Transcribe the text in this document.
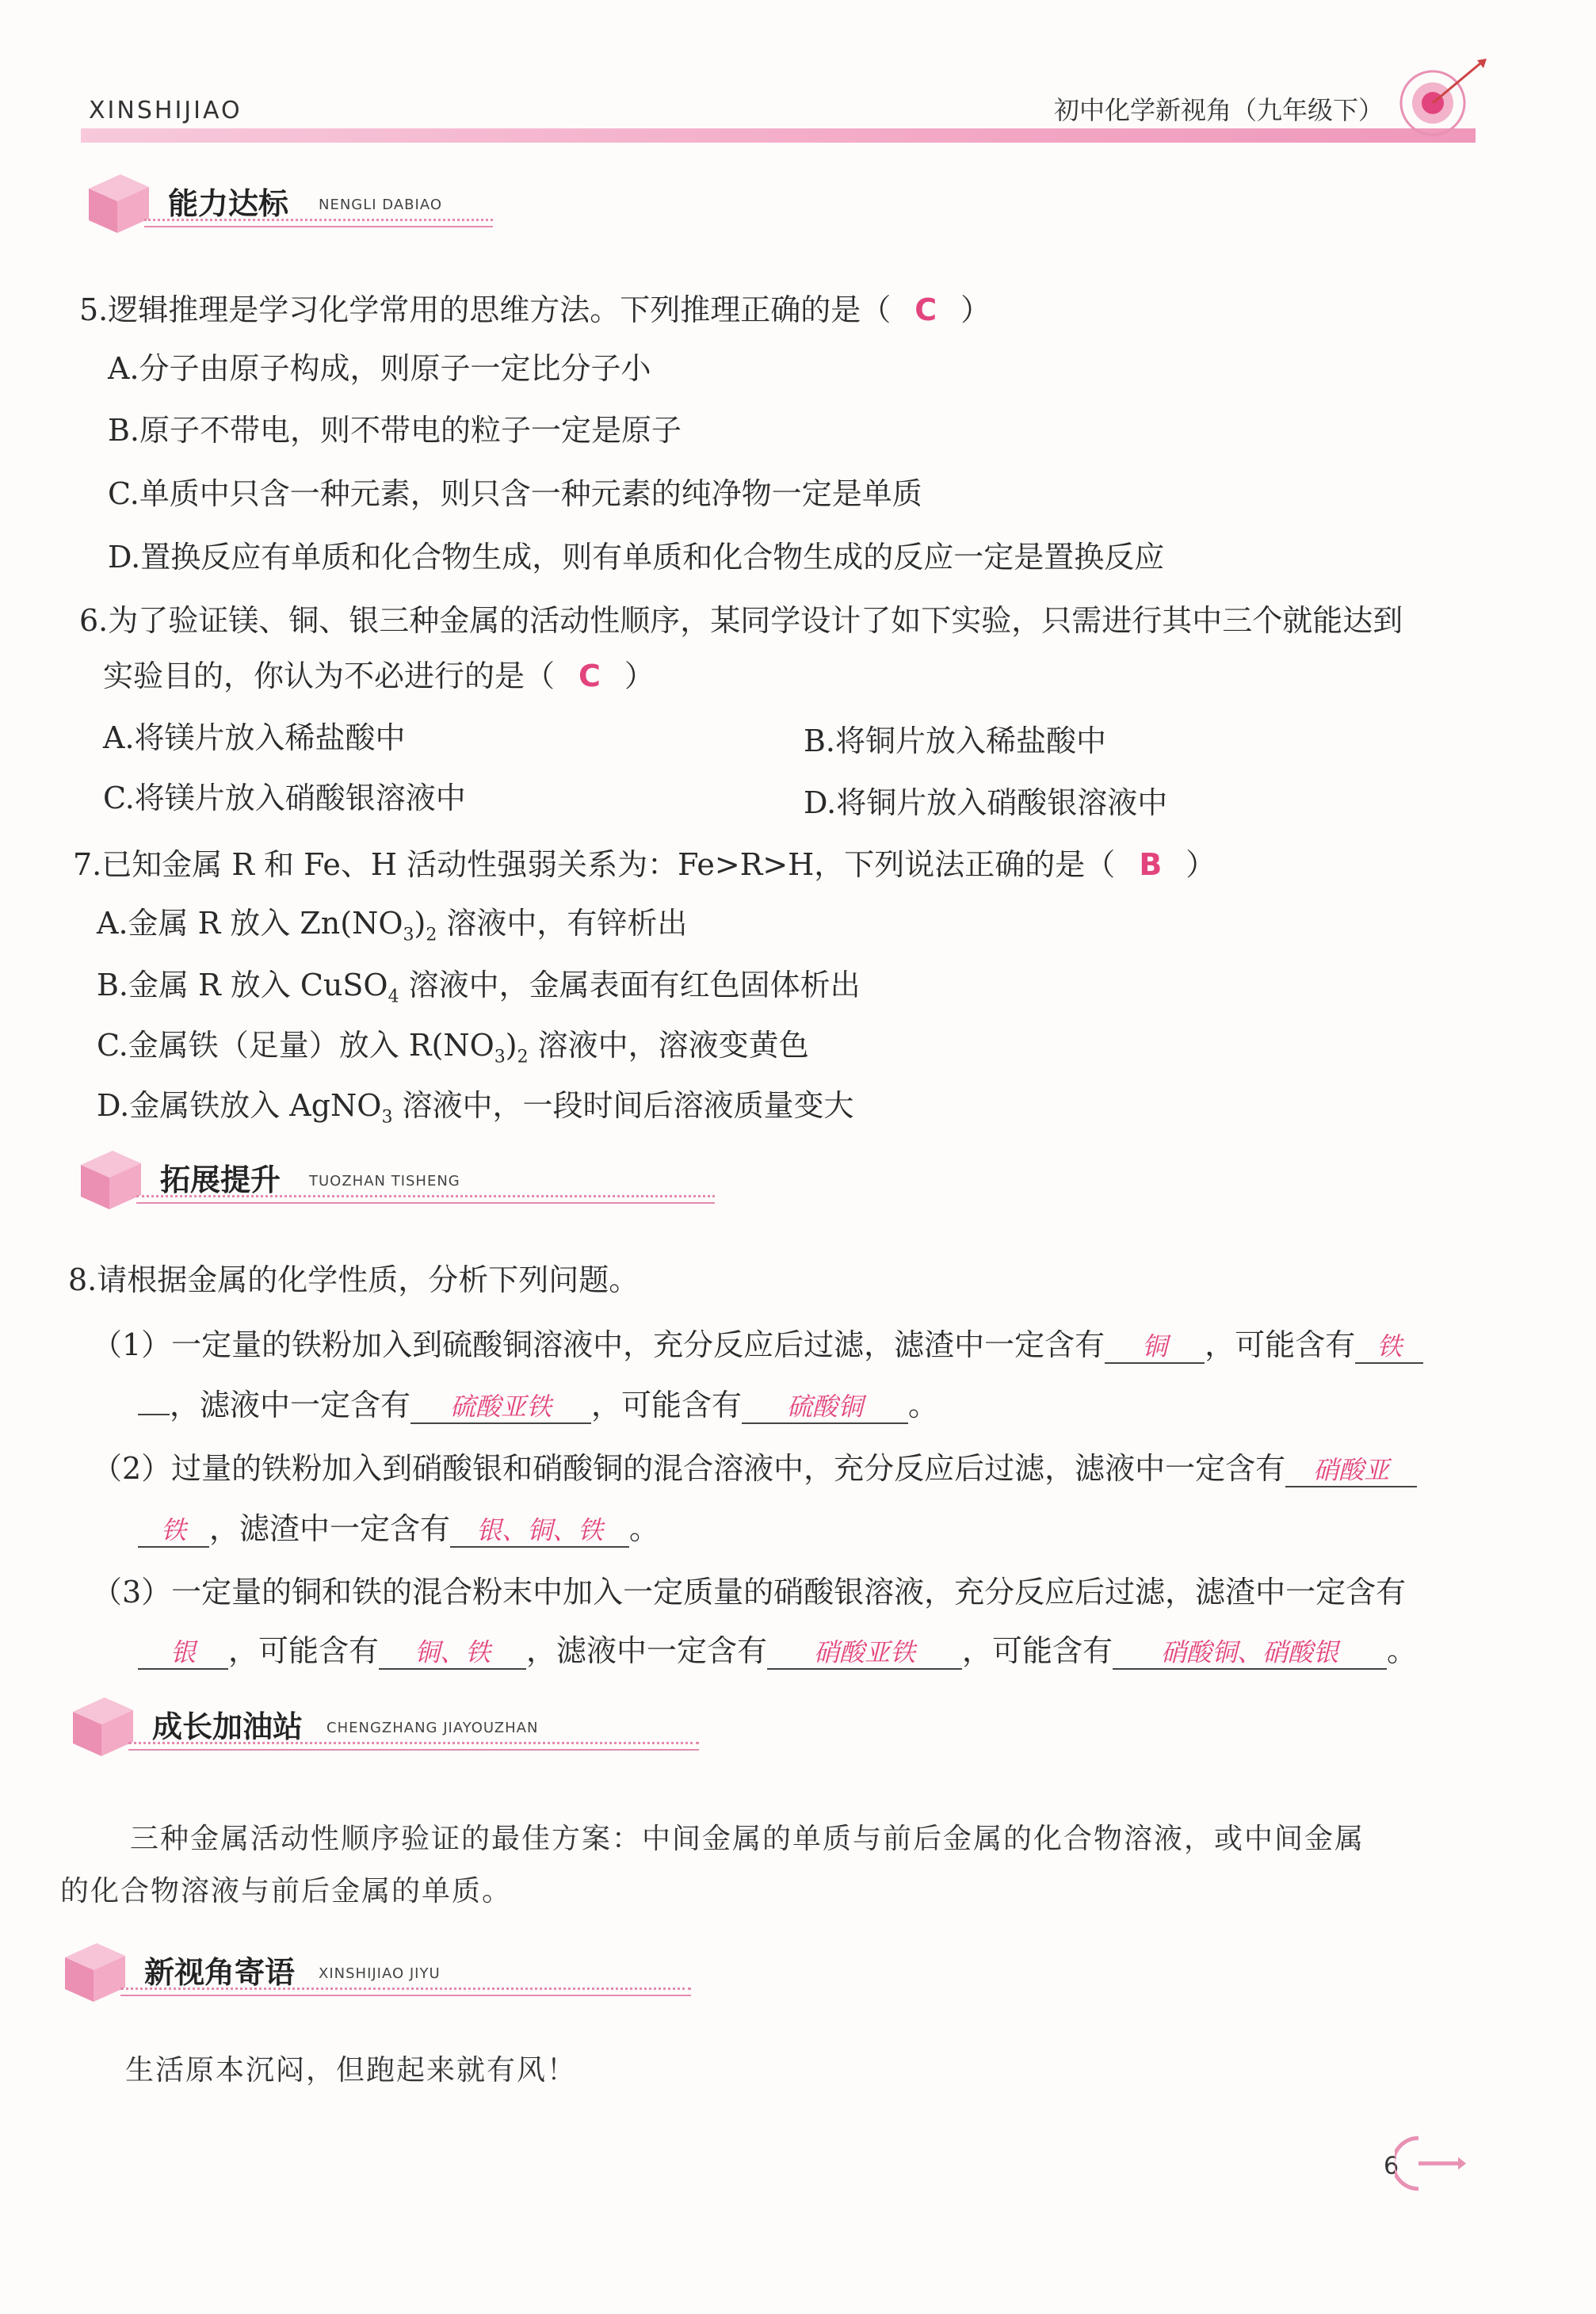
XINSHIJIAO	初中化学新视角（九年级下）
能力达标 NENGLI DABIAO
5.逻辑推理是学习化学常用的思维方法。下列推理正确的是（ C ）
A.分子由原子构成，则原子一定比分子小
B.原子不带电，则不带电的粒子一定是原子
C.单质中只含一种元素，则只含一种元素的纯净物一定是单质
D.置换反应有单质和化合物生成，则有单质和化合物生成的反应一定是置换反应
6.为了验证镁、铜、银三种金属的活动性顺序，某同学设计了如下实验，只需进行其中三个就能达到
实验目的，你认为不必进行的是（ C ）
A.将镁片放入稀盐酸中	B.将铜片放入稀盐酸中
C.将镁片放入硝酸银溶液中	D.将铜片放入硝酸银溶液中
7.已知金属 R 和 Fe、H 活动性强弱关系为：Fe>R>H，下列说法正确的是（ B ）
A.金属 R 放入 $Zn(NO_3)_2$ 溶液中，有锌析出
B.金属 R 放入 CuSO$_4$ 溶液中，金属表面有红色固体析出
C.金属铁（足量）放入 $R(NO_3)_2$ 溶液中，溶液变黄色
D.金属铁放入 AgNO$_3$ 溶液中，一段时间后溶液质量变大
拓展提升 TUOZHAN TISHENG
8.请根据金属的化学性质，分析下列问题。
（1）一定量的铁粉加入到硫酸铜溶液中，充分反应后过滤，滤渣中一定含有 铜 ，可能含有 铁
，滤液中一定含有 硫酸亚铁 ，可能含有 硫酸铜 。
（2）过量的铁粉加入到硝酸银和硝酸铜的混合溶液中，充分反应后过滤，滤液中一定含有 硝酸亚
铁 ，滤渣中一定含有 银、铜、铁 。
（3）一定量的铜和铁的混合粉末中加入一定质量的硝酸银溶液，充分反应后过滤，滤渣中一定含有
银 ，可能含有 铜、铁 ，滤液中一定含有 硝酸亚铁 ，可能含有 硝酸铜、硝酸银 。
成长加油站 CHENGZHANG JIAYOUZHAN
三种金属活动性顺序验证的最佳方案：中间金属的单质与前后金属的化合物溶液，或中间金属
的化合物溶液与前后金属的单质。
新视角寄语 XINSHIJIAO JIYU
生活原本沉闷，但跑起来就有风！
6
